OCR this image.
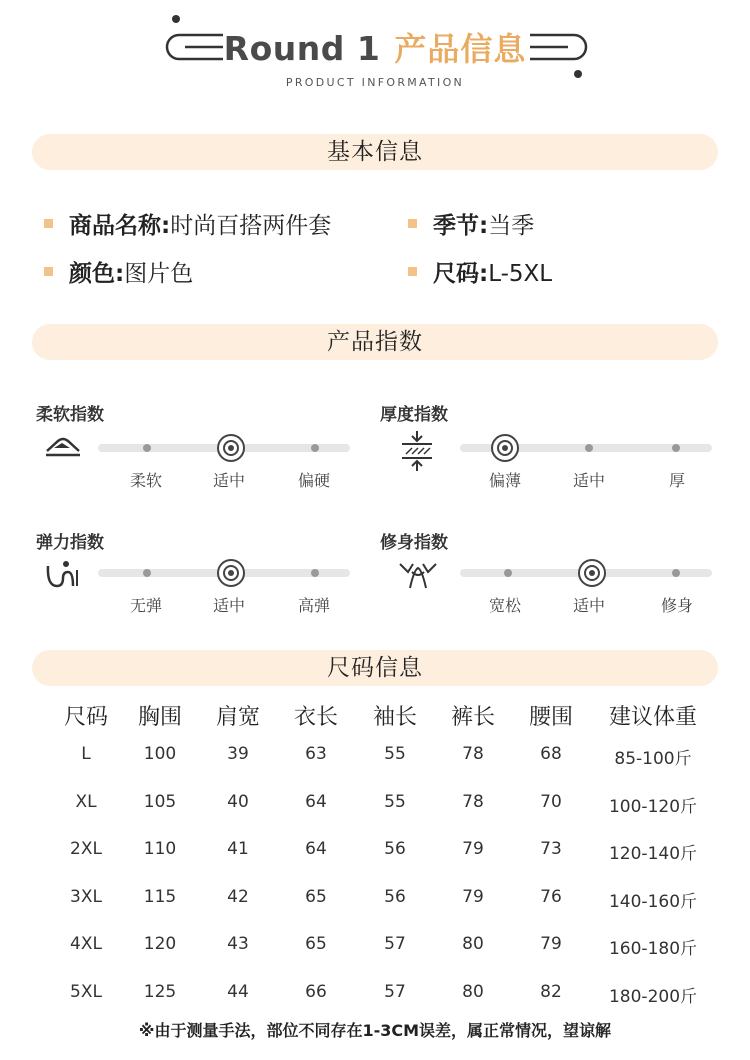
Round 1 产品信息
PRODUCT INFORMATION
基本信息
商品名称:时尚百搭两件套	季节:当季
颜色:图片色	尺码:L-5XL
产品指数
柔软指数
柔软	适中	偏硬
厚度指数
偏薄	适中	厚
弹力指数
无弹	适中	高弹
修身指数
宽松	适中	修身
尺码信息
尺码	胸围	肩宽	衣长	袖长	裤长	腰围	建议体重
L	100	39	63	55	78	68	85-100斤
XL	105	40	64	55	78	70	100-120斤
2XL	110	41	64	56	79	73	120-140斤
3XL	115	42	65	56	79	76	140-160斤
4XL	120	43	65	57	80	79	160-180斤
5XL	125	44	66	57	80	82	180-200斤
※由于测量手法，部位不同存在1-3CM误差，属正常情况，望谅解
